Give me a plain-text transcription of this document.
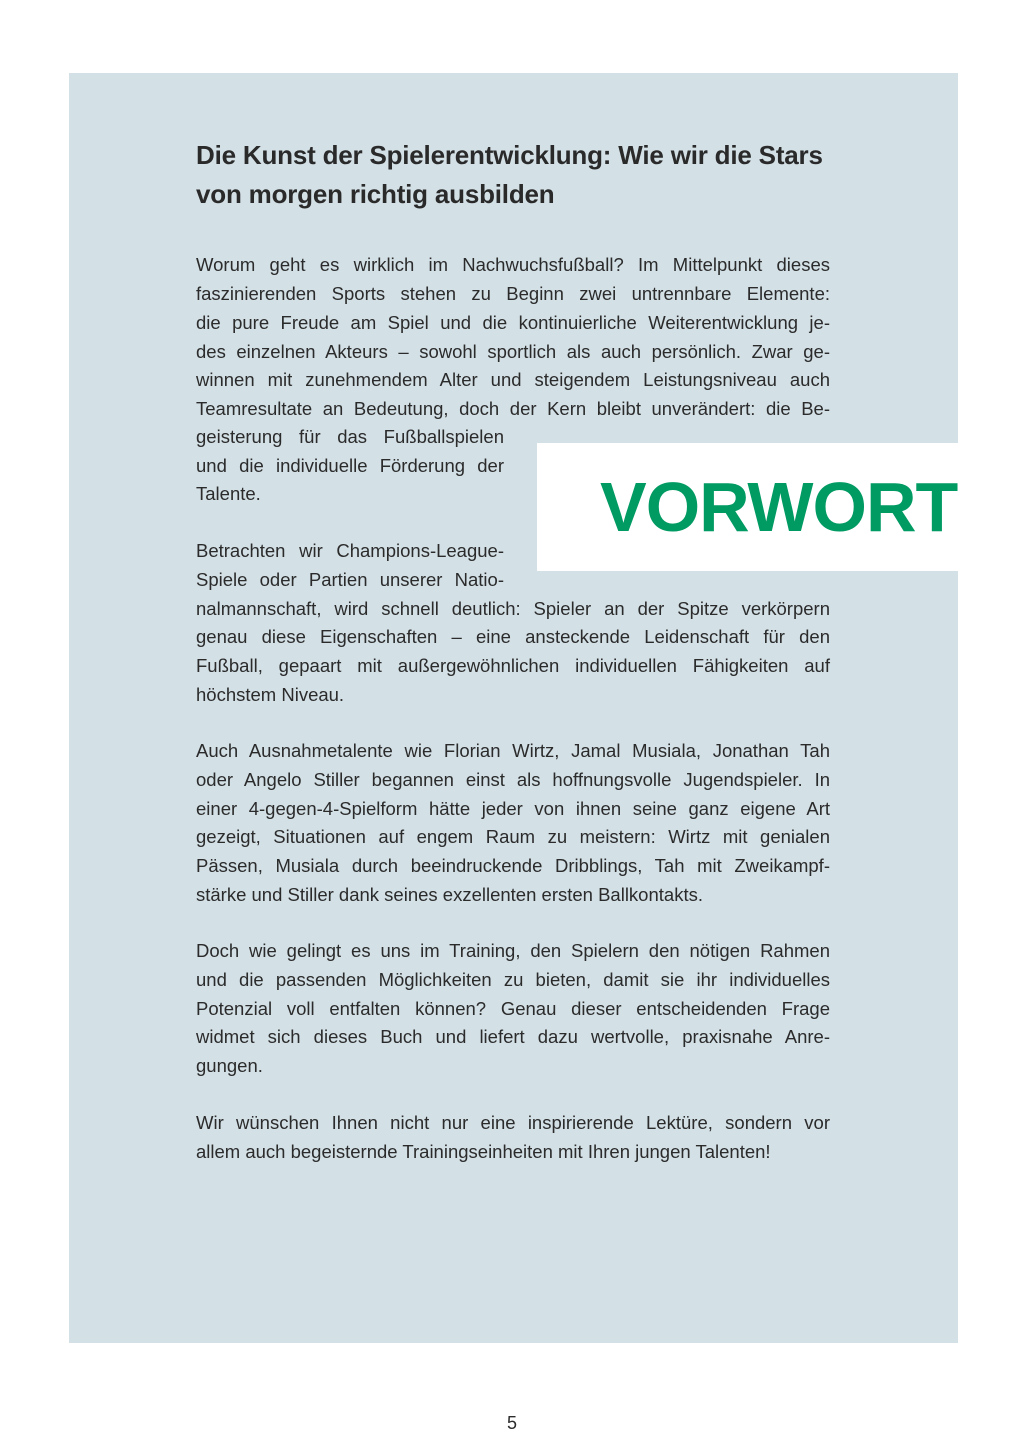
Die Kunst der Spielerentwicklung: Wie wir die Stars von morgen richtig ausbilden
VORWORT
Worum geht es wirklich im Nachwuchsfußball? Im Mittelpunkt dieses
faszinierenden Sports stehen zu Beginn zwei untrennbare Elemente:
die pure Freude am Spiel und die kontinuierliche Weiterentwicklung je-
des einzelnen Akteurs – sowohl sportlich als auch persönlich. Zwar ge-
winnen mit zunehmendem Alter und steigendem Leistungsniveau auch
Teamresultate an Bedeutung, doch der Kern bleibt unverändert: die Be-
geisterung für das Fußballspielen
und die individuelle Förderung der
Talente.
Betrachten wir Champions-League-
Spiele oder Partien unserer Natio-
nalmannschaft, wird schnell deutlich: Spieler an der Spitze verkörpern
genau diese Eigenschaften – eine ansteckende Leidenschaft für den
Fußball, gepaart mit außergewöhnlichen individuellen Fähigkeiten auf
höchstem Niveau.
Auch Ausnahmetalente wie Florian Wirtz, Jamal Musiala, Jonathan Tah
oder Angelo Stiller begannen einst als hoffnungsvolle Jugendspieler. In
einer 4-gegen-4-Spielform hätte jeder von ihnen seine ganz eigene Art
gezeigt, Situationen auf engem Raum zu meistern: Wirtz mit genialen
Pässen, Musiala durch beeindruckende Dribblings, Tah mit Zweikampf-
stärke und Stiller dank seines exzellenten ersten Ballkontakts.
Doch wie gelingt es uns im Training, den Spielern den nötigen Rahmen
und die passenden Möglichkeiten zu bieten, damit sie ihr individuelles
Potenzial voll entfalten können? Genau dieser entscheidenden Frage
widmet sich dieses Buch und liefert dazu wertvolle, praxisnahe Anre-
gungen.
Wir wünschen Ihnen nicht nur eine inspirierende Lektüre, sondern vor
allem auch begeisternde Trainingseinheiten mit Ihren jungen Talenten!
5
